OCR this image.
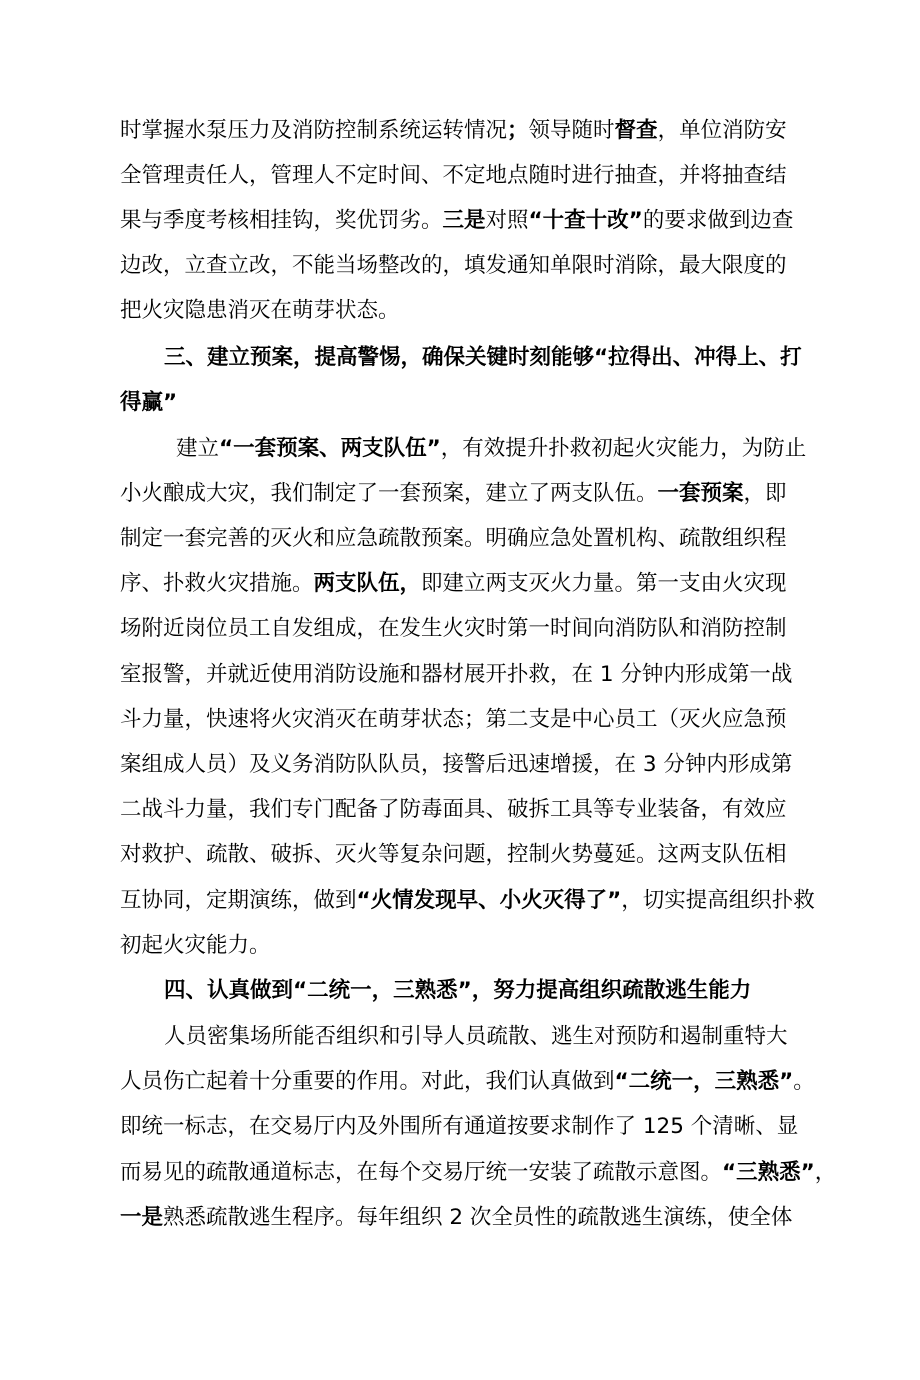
时掌握水泵压力及消防控制系统运转情况；领导随时督查，单位消防安
全管理责任人，管理人不定时间、不定地点随时进行抽查，并将抽查结
果与季度考核相挂钩，奖优罚劣。三是对照“十查十改”的要求做到边查
边改，立查立改，不能当场整改的，填发通知单限时消除，最大限度的
把火灾隐患消灭在萌芽状态。
三、建立预案，提高警惕，确保关键时刻能够“拉得出、冲得上、打
得赢”
建立“一套预案、两支队伍”，有效提升扑救初起火灾能力，为防止
小火酿成大灾，我们制定了一套预案，建立了两支队伍。一套预案，即
制定一套完善的灭火和应急疏散预案。明确应急处置机构、疏散组织程
序、扑救火灾措施。两支队伍，即建立两支灭火力量。第一支由火灾现
场附近岗位员工自发组成，在发生火灾时第一时间向消防队和消防控制
室报警，并就近使用消防设施和器材展开扑救，在 1 分钟内形成第一战
斗力量，快速将火灾消灭在萌芽状态；第二支是中心员工（灭火应急预
案组成人员）及义务消防队队员，接警后迅速增援，在 3 分钟内形成第
二战斗力量，我们专门配备了防毒面具、破拆工具等专业装备，有效应
对救护、疏散、破拆、灭火等复杂问题，控制火势蔓延。这两支队伍相
互协同，定期演练，做到“火情发现早、小火灭得了”，切实提高组织扑救
初起火灾能力。
四、认真做到“二统一，三熟悉”，努力提高组织疏散逃生能力
人员密集场所能否组织和引导人员疏散、逃生对预防和遏制重特大
人员伤亡起着十分重要的作用。对此，我们认真做到“二统一，三熟悉”。
即统一标志，在交易厅内及外围所有通道按要求制作了 125 个清晰、显
而易见的疏散通道标志，在每个交易厅统一安装了疏散示意图。“三熟悉”，
一是熟悉疏散逃生程序。每年组织 2 次全员性的疏散逃生演练，使全体
